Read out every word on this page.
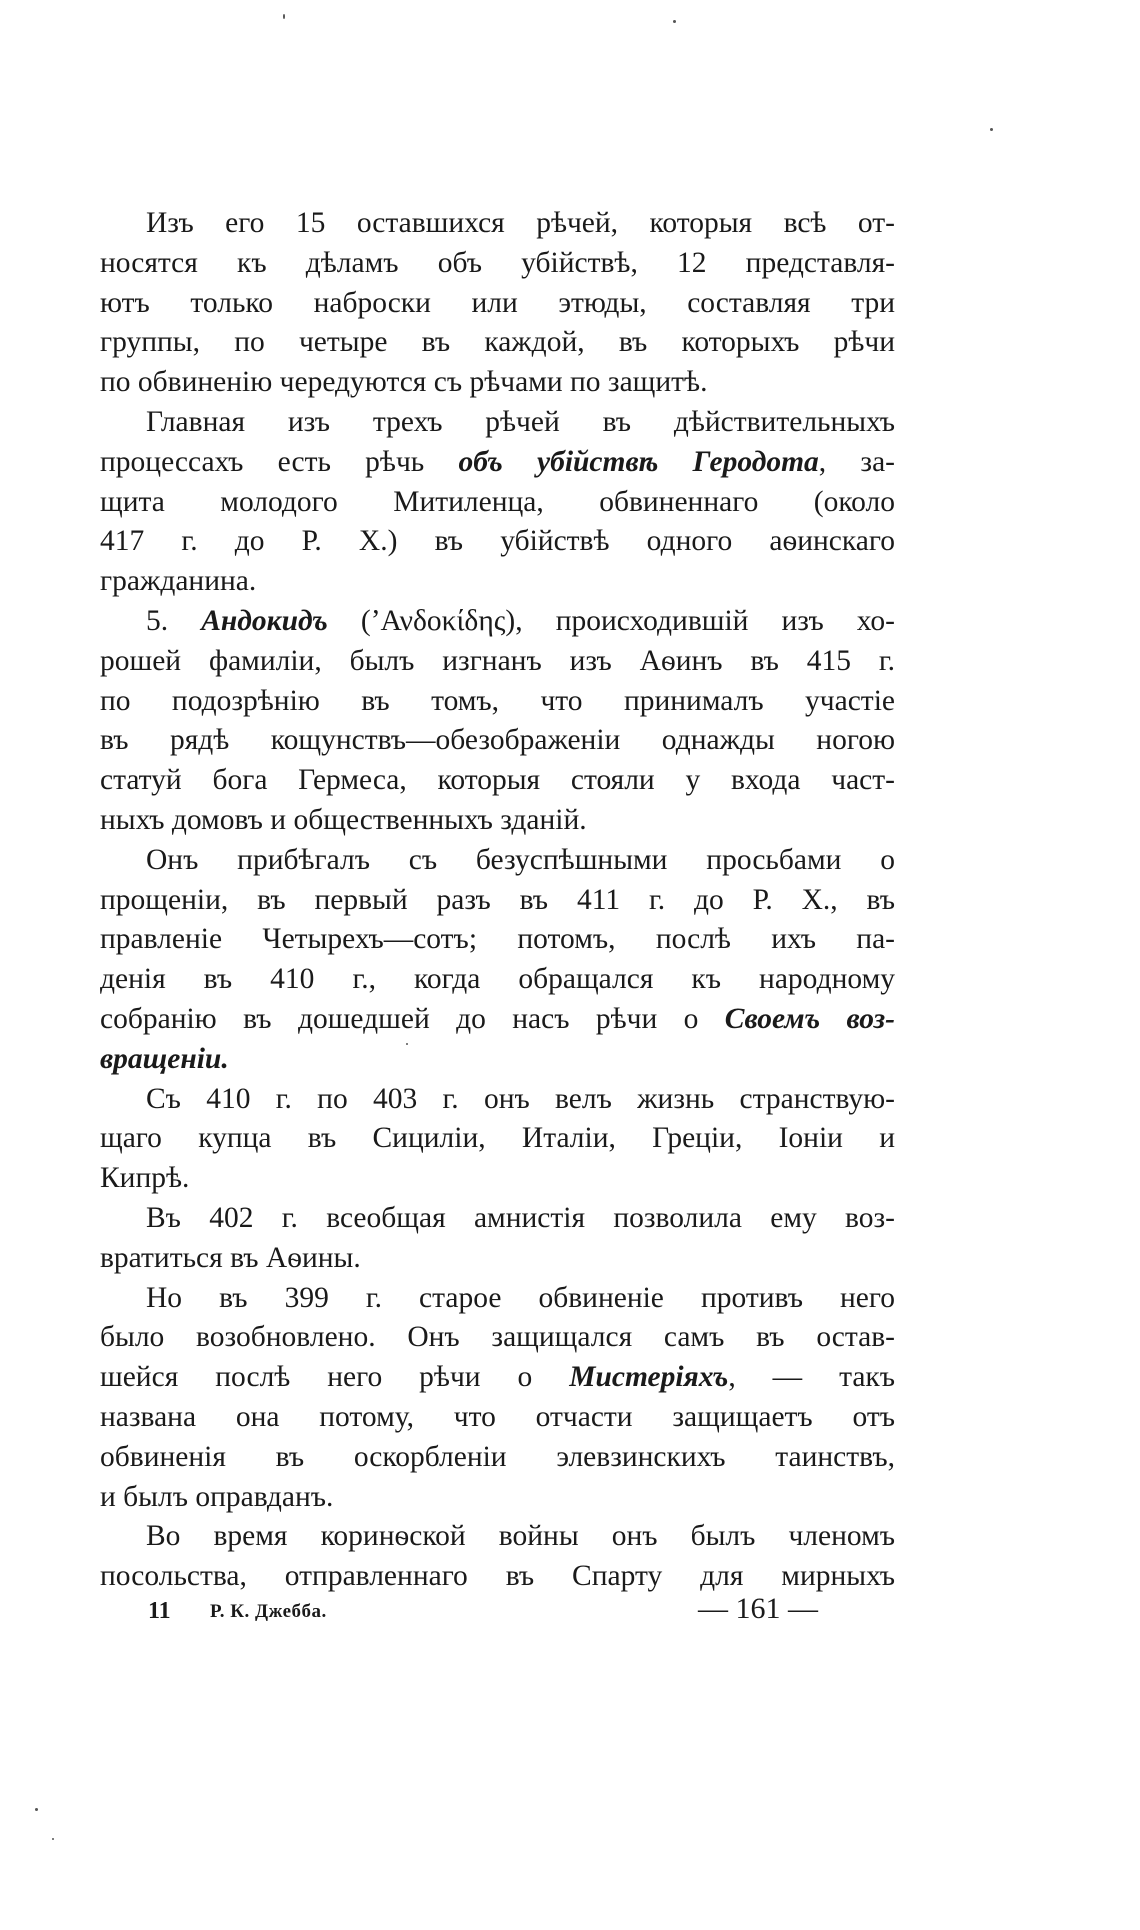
Изъ его 15 оставшихся рѣчей, которыя всѣ от-
носятся къ дѣламъ объ убійствѣ, 12 представля-
ютъ только наброски или этюды, составляя три
группы, по четыре въ каждой, въ которыхъ рѣчи
по обвиненію чередуются съ рѣчами по защитѣ.
Главная изъ трехъ рѣчей въ дѣйствительныхъ
процессахъ есть рѣчь объ убійствѣ Геродота, за-
щита молодого Митиленца, обвиненнаго (около
417 г. до Р. Х.) въ убійствѣ одного аѳинскаго
гражданина.
5. Андокидъ (ʼΑνδοκίδης), происходившій изъ хо-
рошей фамиліи, былъ изгнанъ изъ Аѳинъ въ 415 г.
по подозрѣнію въ томъ, что принималъ участіе
въ рядѣ кощунствъ—обезображеніи однажды ногою
статуй бога Гермеса, которыя стояли у входа част-
ныхъ домовъ и общественныхъ зданій.
Онъ прибѣгалъ съ безуспѣшными просьбами о
прощеніи, въ первый разъ въ 411 г. до Р. Х., въ
правленіе Четырехъ—сотъ; потомъ, послѣ ихъ па-
денія въ 410 г., когда обращался къ народному
собранію въ дошедшей до насъ рѣчи о Своемъ воз-
вращеніи.
Съ 410 г. по 403 г. онъ велъ жизнь странствую-
щаго купца въ Сициліи, Италіи, Греціи, Іоніи и
Кипрѣ.
Въ 402 г. всеобщая амнистія позволила ему воз-
вратиться въ Аѳины.
Но въ 399 г. старое обвиненіе противъ него
было возобновлено. Онъ защищался самъ въ остав-
шейся послѣ него рѣчи о Мистеріяхъ, — такъ
названа она потому, что отчасти защищаетъ отъ
обвиненія въ оскорбленіи элевзинскихъ таинствъ,
и былъ оправданъ.
Во время коринѳской войны онъ былъ членомъ
посольства, отправленнаго въ Спарту для мирныхъ
11 Р. К. Джебба.	— 161 —
